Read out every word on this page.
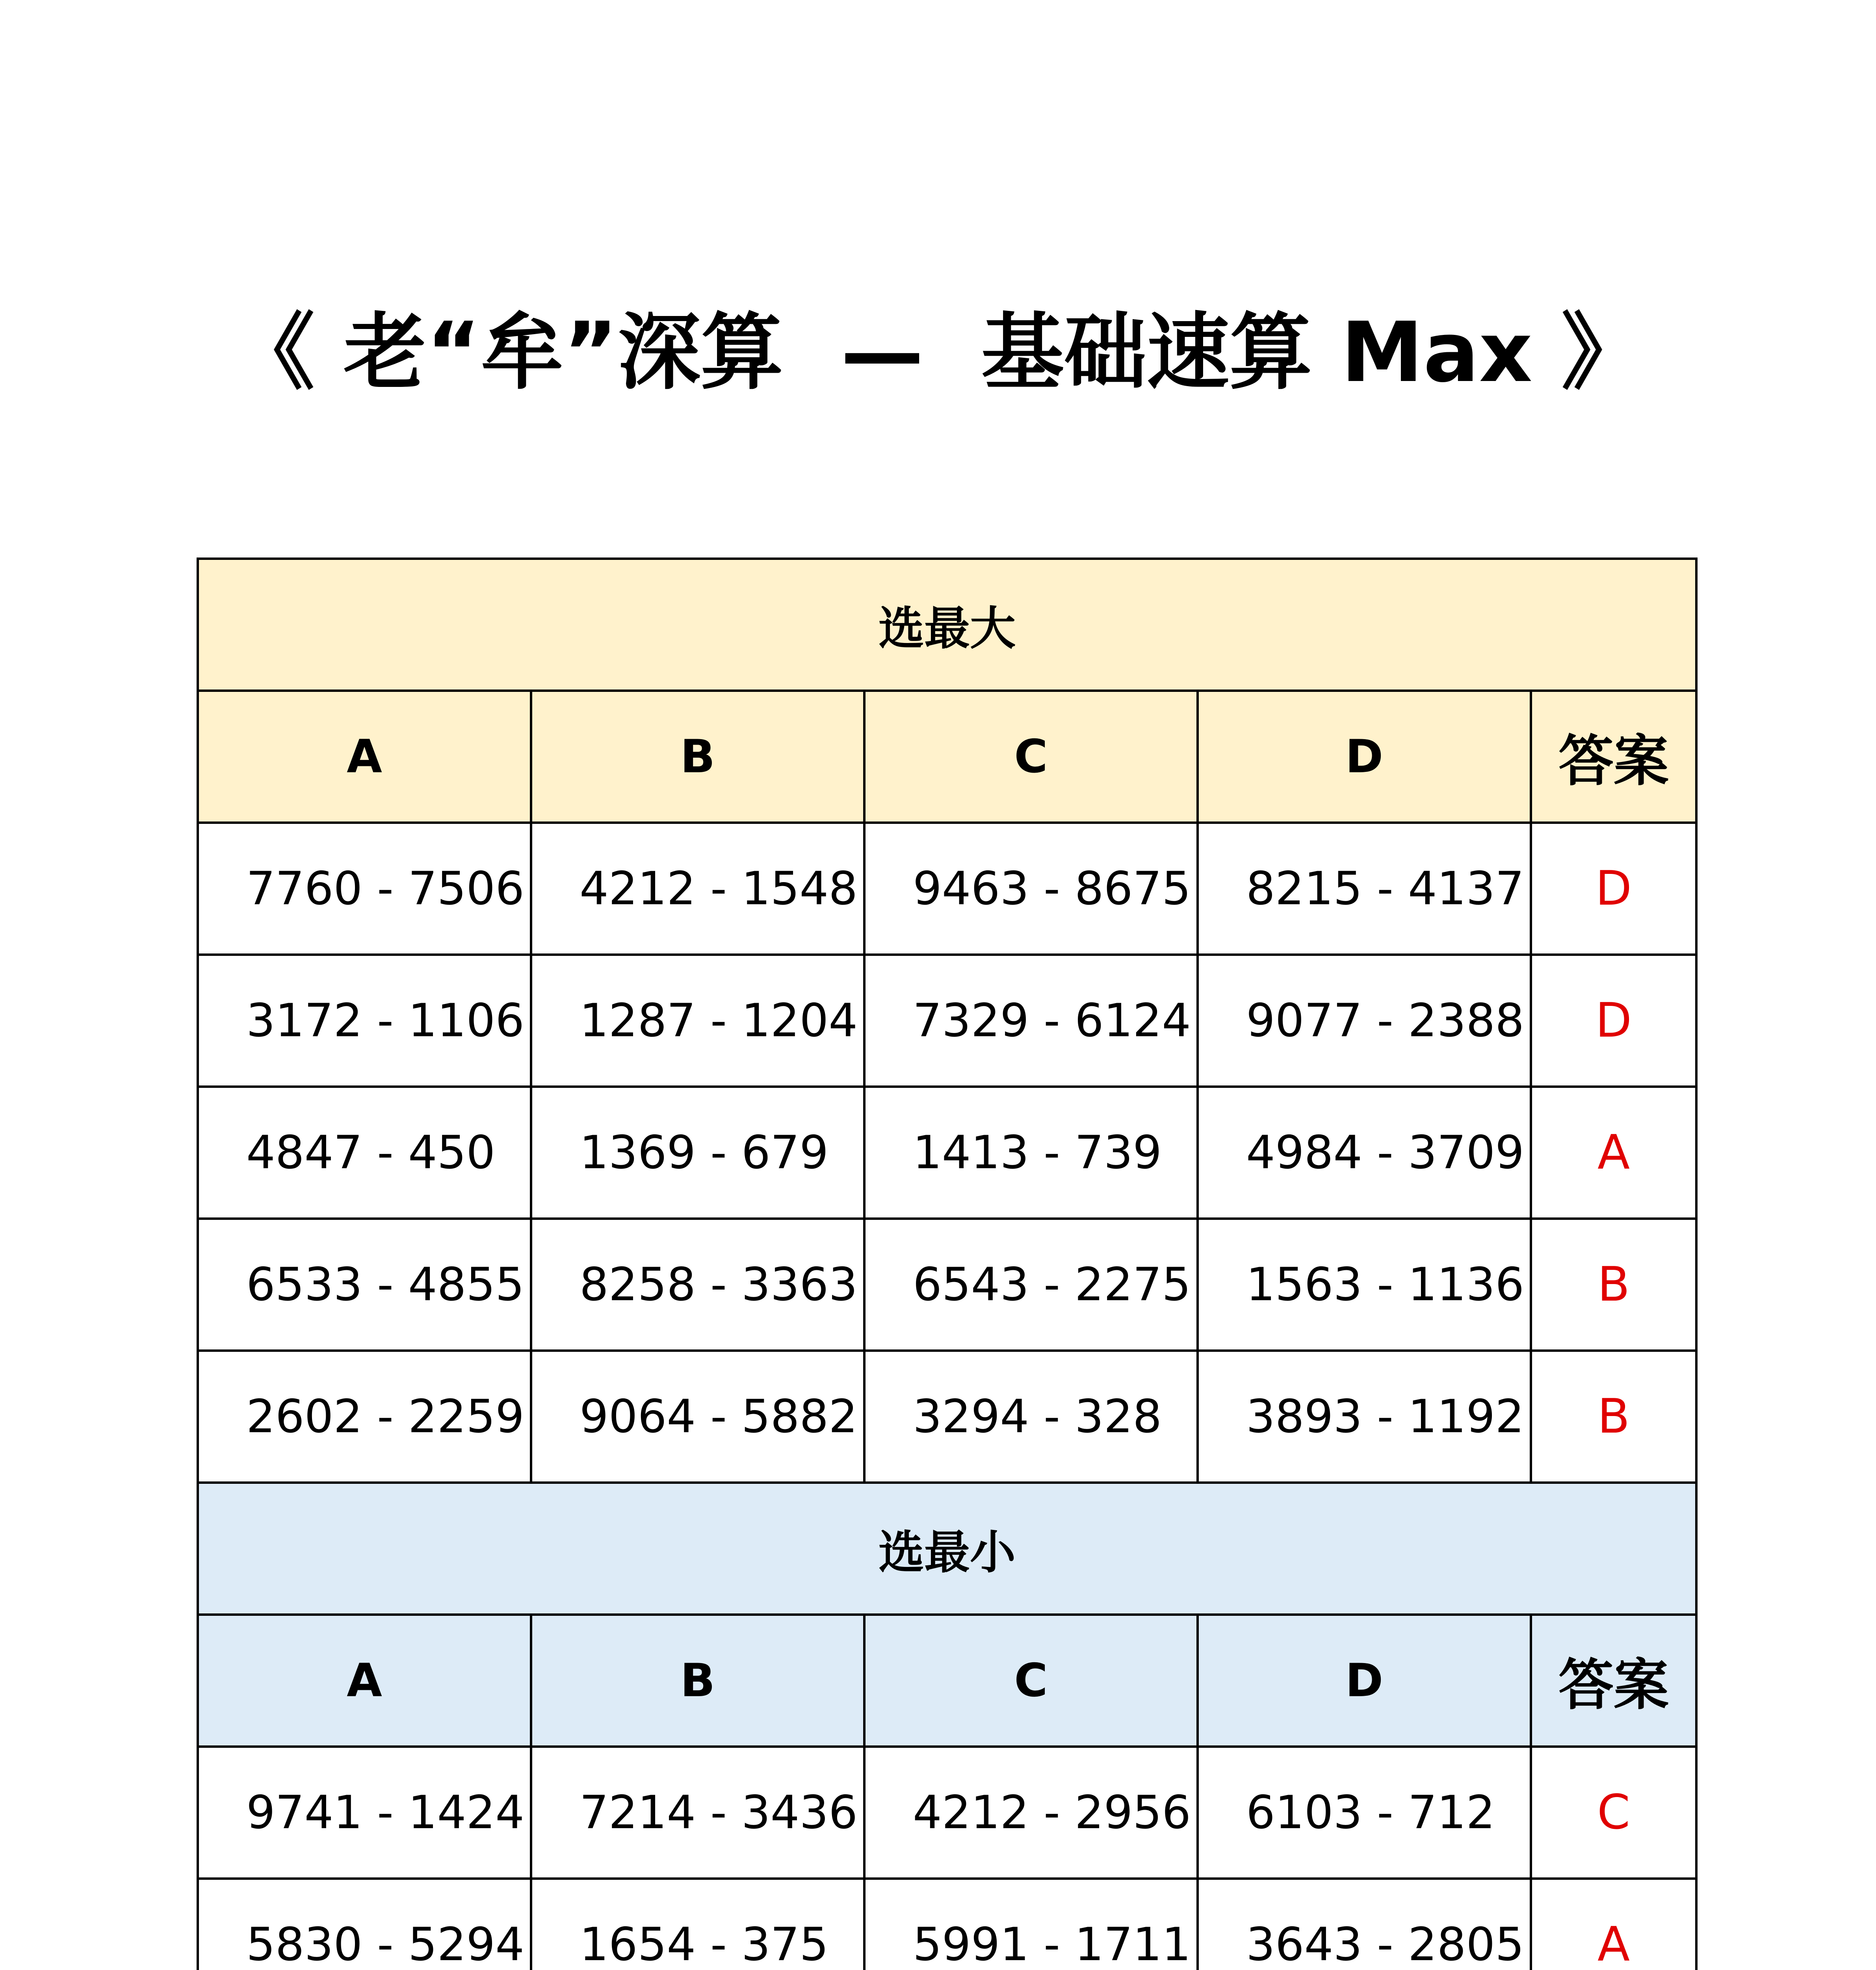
《 老“牟”深算  —  基础速算 Max 》
选最大				
A	B	C	D	答案
7760 - 7506	4212 - 1548	9463 - 8675	8215 - 4137	D
3172 - 1106	1287 - 1204	7329 - 6124	9077 - 2388	D
4847 - 450	1369 - 679	1413 - 739	4984 - 3709	A
6533 - 4855	8258 - 3363	6543 - 2275	1563 - 1136	B
2602 - 2259	9064 - 5882	3294 - 328	3893 - 1192	B
选最小				
A	B	C	D	答案
9741 - 1424	7214 - 3436	4212 - 2956	6103 - 712	C
5830 - 5294	1654 - 375	5991 - 1711	3643 - 2805	A
